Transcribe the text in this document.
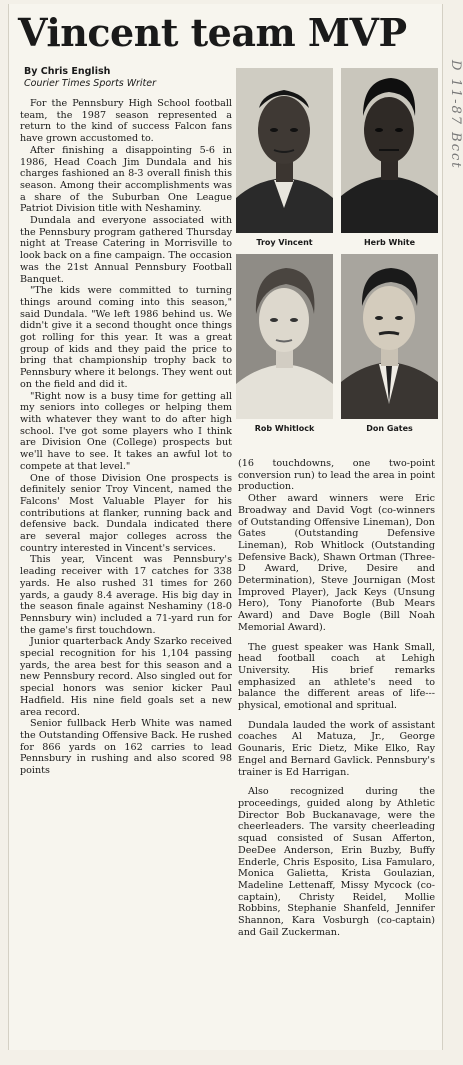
Vincent team MVP
By Chris English
Courier Times Sports Writer	D 11-87 Bcct
Troy Vincent	Herb White
Rob Whitlock	Don Gates

For the Pennsbury High School football team, the 1987 season represented a return to the kind of success Falcon fans have grown accustomed to.

After finishing a disappointing 5-6 in 1986, Head Coach Jim Dundala and his charges fashioned an 8-3 overall finish this season. Among their accomplishments was a share of the Suburban One League Patriot Division title with Neshaminy.

Dundala and everyone associated with the Pennsbury program gathered Thursday night at Trease Catering in Morrisville to look back on a fine campaign. The occasion was the 21st Annual Pennsbury Football Banquet.

"The kids were committed to turning things around coming into this season," said Dundala. "We left 1986 behind us. We didn't give it a second thought once things got rolling for this year. It was a great group of kids and they paid the price to bring that championship trophy back to Pennsbury where it belongs. They went out on the field and did it.

"Right now is a busy time for getting all my seniors into colleges or helping them with whatever they want to do after high school. I've got some players who I think are Division One (College) prospects but we'll have to see. It takes an awful lot to compete at that level."

One of those Division One prospects is definitely senior Troy Vincent, named the Falcons' Most Valuable Player for his contributions at flanker, running back and defensive back. Dundala indicated there are several major colleges across the country interested in Vincent's services.

This year, Vincent was Pennsbury's leading receiver with 17 catches for 338 yards. He also rushed 31 times for 260 yards, a gaudy 8.4 average. His big day in the season finale against Neshaminy (18-0 Pennsbury win) included a 71-yard run for the game's first touchdown.

Junior quarterback Andy Szarko received special recognition for his 1,104 passing yards, the area best for this season and a new Pennsbury record. Also singled out for special honors was senior kicker Paul Hadfield. His nine field goals set a new area record.

Senior fullback Herb White was named the Outstanding Offensive Back. He rushed for 866 yards on 162 carries to lead Pennsbury in rushing and also scored 98 points

(16 touchdowns, one two-point conversion run) to lead the area in point production.

Other award winners were Eric Broadway and David Vogt (co-winners of Outstanding Offensive Lineman), Don Gates (Outstanding Defensive Lineman), Rob Whitlock (Outstanding Defensive Back), Shawn Ortman (Three-D Award, Drive, Desire and Determination), Steve Journigan (Most Improved Player), Jack Keys (Unsung Hero), Tony Pianoforte (Bub Mears Award) and Dave Bogle (Bill Noah Memorial Award).

The guest speaker was Hank Small, head football coach at Lehigh University. His brief remarks emphasized an athlete's need to balance the different areas of life--- physical, emotional and spritual.

Dundala lauded the work of assistant coaches Al Matuza, Jr., George Gounaris, Eric Dietz, Mike Elko, Ray Engel and Bernard Gavlick. Pennsbury's trainer is Ed Harrigan.

Also recognized during the proceedings, guided along by Athletic Director Bob Buckanavage, were the cheerleaders. The varsity cheerleading squad consisted of Susan Afferton, DeeDee Anderson, Erin Buzby, Buffy Enderle, Chris Esposito, Lisa Famularo, Monica Galietta, Krista Goulazian, Madeline Lettenaff, Missy Mycock (co-captain), Christy Reidel, Mollie Robbins, Stephanie Shanfeld, Jennifer Shannon, Kara Vosburgh (co-captain) and Gail Zuckerman.
